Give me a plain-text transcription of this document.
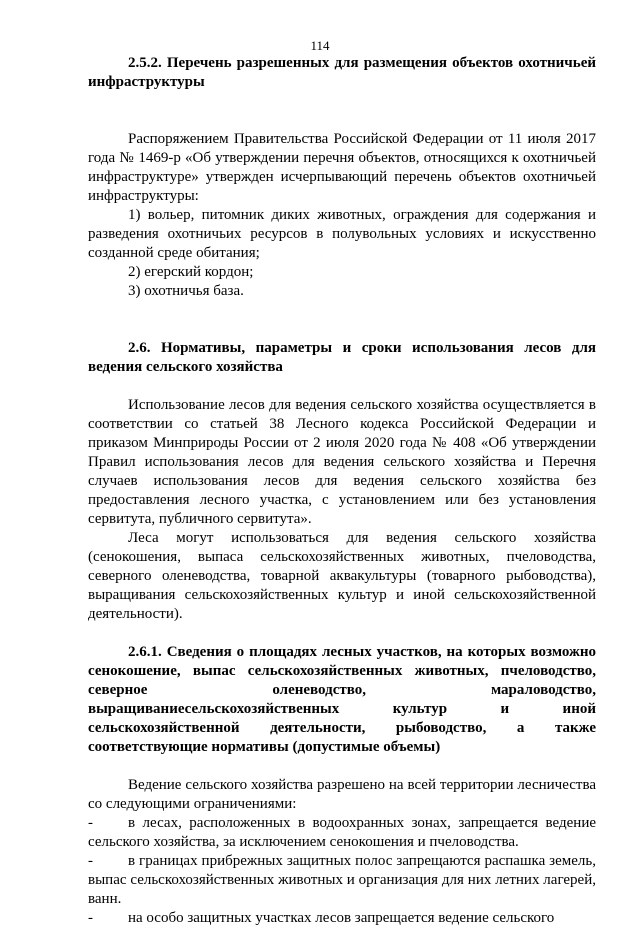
114

2.5.2. Перечень разрешенных для размещения объектов охотничьей инфраструктуры

Распоряжением Правительства Российской Федерации от 11 июля 2017 года № 1469-р «Об утверждении перечня объектов, относящихся к охотничьей инфраструктуре» утвержден исчерпывающий перечень объектов охотничьей инфраструктуры:

1) вольер, питомник диких животных, ограждения для содержания и разведения охотничьих ресурсов в полувольных условиях и искусственно созданной среде обитания;

2) егерский кордон;

3) охотничья база.

2.6. Нормативы, параметры и сроки использования лесов для ведения сельского хозяйства

Использование лесов для ведения сельского хозяйства осуществляется в соответствии со статьей 38 Лесного кодекса Российской Федерации и приказом Минприроды России от 2 июля 2020 года № 408 «Об утверждении Правил использования лесов для ведения сельского хозяйства и Перечня случаев использования лесов для ведения сельского хозяйства без предоставления лесного участка, с установлением или без установления сервитута, публичного сервитута».

Леса могут использоваться для ведения сельского хозяйства (сенокошения, выпаса сельскохозяйственных животных, пчеловодства, северного оленеводства, товарной аквакультуры (товарного рыбоводства), выращивания сельскохозяйственных культур и иной сельскохозяйственной деятельности).

2.6.1. Сведения о площадях лесных участков, на которых возможно сенокошение, выпас сельскохозяйственных животных, пчеловодство, северное оленеводство, мараловодство, выращиваниесельскохозяйственных культур и иной сельскохозяйственной деятельности, рыбоводство, а также соответствующие нормативы (допустимые объемы)

Ведение сельского хозяйства разрешено на всей территории лесничества со следующими ограничениями:

-	в лесах, расположенных в водоохранных зонах, запрещается ведение сельского хозяйства, за исключением сенокошения и пчеловодства.
-	в границах прибрежных защитных полос запрещаются распашка земель, выпас сельскохозяйственных животных и организация для них летних лагерей, ванн.
-	на особо защитных участках лесов запрещается ведение сельского
